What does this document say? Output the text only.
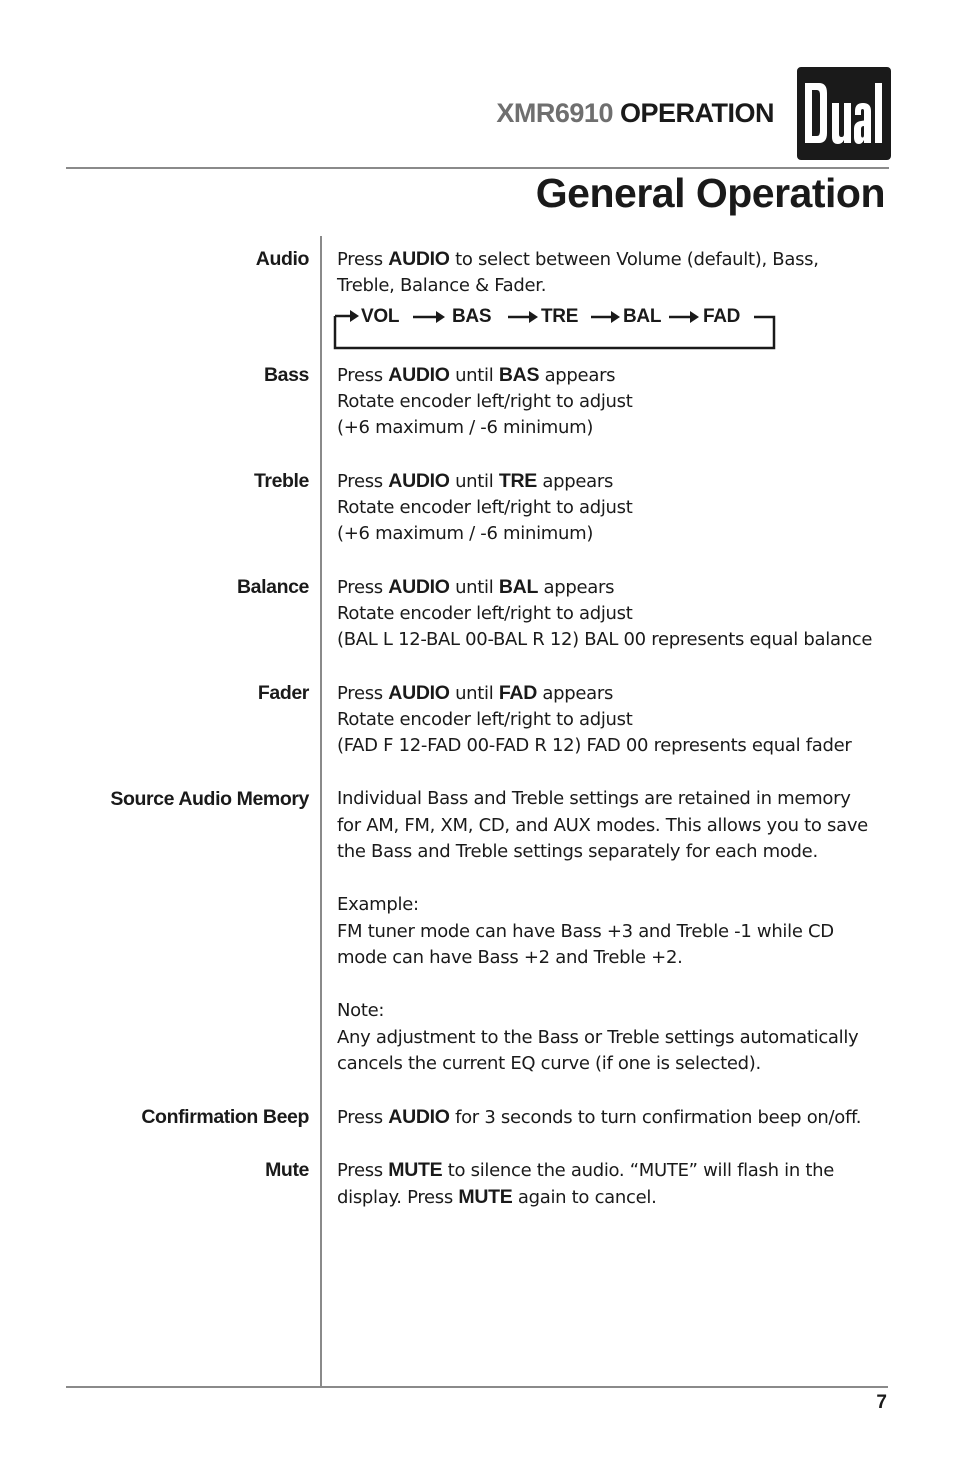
XMR6910 OPERATION
General Operation
Audio Press AUDIO to select between Volume (default), Bass,
Treble, Balance & Fader.
VOL	BAS	TRE BAL FAD
Bass Press AUDIO until BAS appears
Rotate encoder left/right to adjust
(+6 maximum / -6 minimum)
Treble Press AUDIO until TRE appears
Rotate encoder left/right to adjust
(+6 maximum / -6 minimum)
Balance Press AUDIO until BAL appears
Rotate encoder left/right to adjust
(BAL L 12-BAL 00-BAL R 12) BAL 00 represents equal balance
Fader Press AUDIO until FAD appears
Rotate encoder left/right to adjust
(FAD F 12-FAD 00-FAD R 12) FAD 00 represents equal fader
Source Audio Memory Individual Bass and Treble settings are retained in memory
for AM, FM, XM, CD, and AUX modes. This allows you to save
the Bass and Treble settings separately for each mode.
Example:
FM tuner mode can have Bass +3 and Treble -1 while CD
mode can have Bass +2 and Treble +2.
Note:
Any adjustment to the Bass or Treble settings automatically
cancels the current EQ curve (if one is selected).
Confirmation Beep Press AUDIO for 3 seconds to turn confirmation beep on/off.
Mute Press MUTE to silence the audio. “MUTE” will flash in the
display. Press MUTE again to cancel.
7
